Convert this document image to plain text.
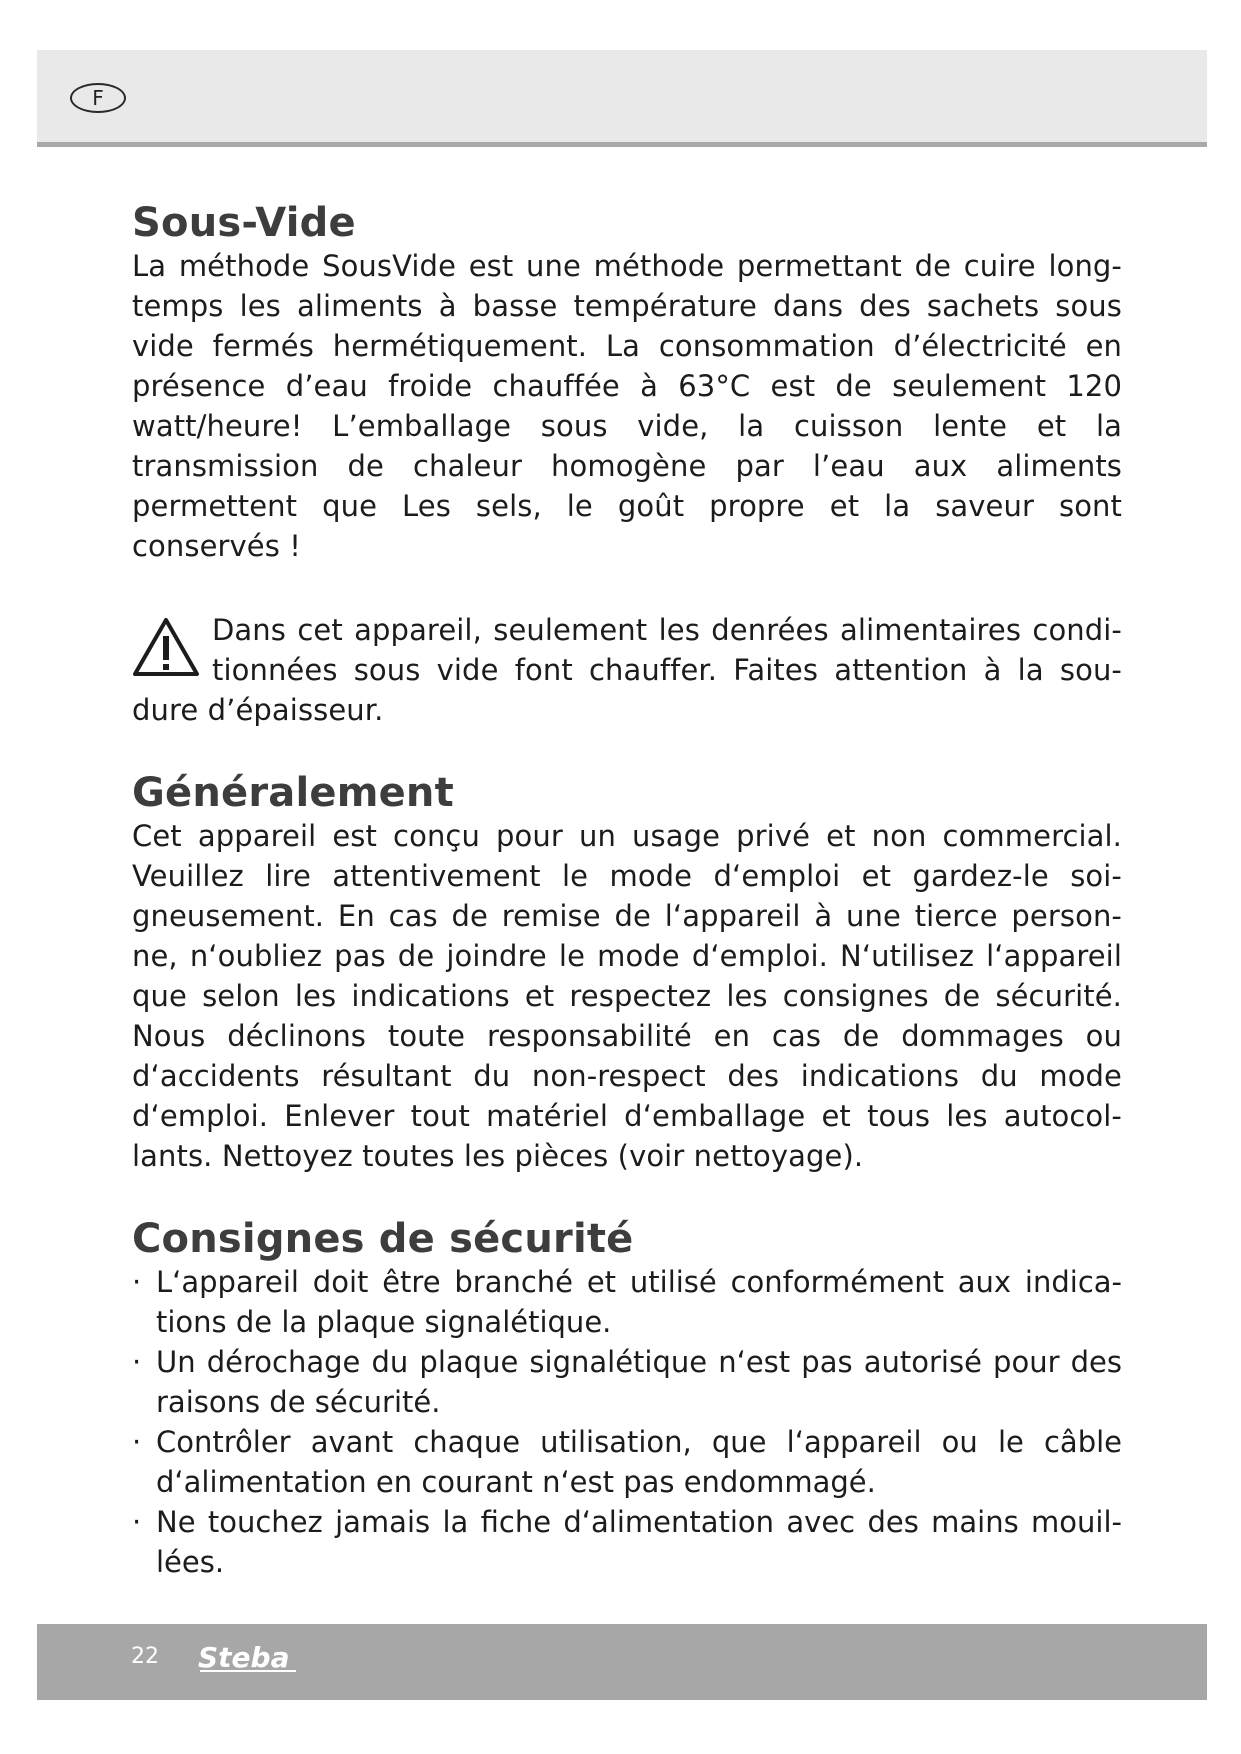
F
Sous-Vide

La méthode SousVide est une méthode permettant de cuire long-temps les aliments à basse température dans des sachets sous vide fermés hermétiquement. La consommation d’électricité en présence d’eau froide chauffée à 63°C est de seulement 120 watt/heure! L’emballage sous vide, la cuisson lente et la transmission de chaleur homogène par l’eau aux aliments permettent que Les sels, le goût propre et la saveur sont conservés !

Dans cet appareil, seulement les denrées alimentaires condi-tionnées sous vide font chauffer. Faites attention à la sou-dure d’épaisseur.

Généralement

Cet appareil est conçu pour un usage privé et non commercial. Veuillez lire attentivement le mode d‘emploi et gardez-le soi-gneusement. En cas de remise de l‘appareil à une tierce person-ne, n‘oubliez pas de joindre le mode d‘emploi. N‘utilisez l‘appareil que selon les indications et respectez les consignes de sécurité. Nous déclinons toute responsabilité en cas de dommages ou d‘accidents résultant du non-respect des indications du mode d‘emploi. Enlever tout matériel d‘emballage et tous les autocol-lants. Nettoyez toutes les pièces (voir nettoyage).

Consignes de sécurité
· L‘appareil doit être branché et utilisé conformément aux indica-tions de la plaque signalétique.
· Un dérochage du plaque signalétique n‘est pas autorisé pour des raisons de sécurité.
· Contrôler avant chaque utilisation, que l‘appareil ou le câble d‘alimentation en courant n‘est pas endommagé.
· Ne touchez jamais la fiche d‘alimentation avec des mains mouil-lées.
22 Steba
